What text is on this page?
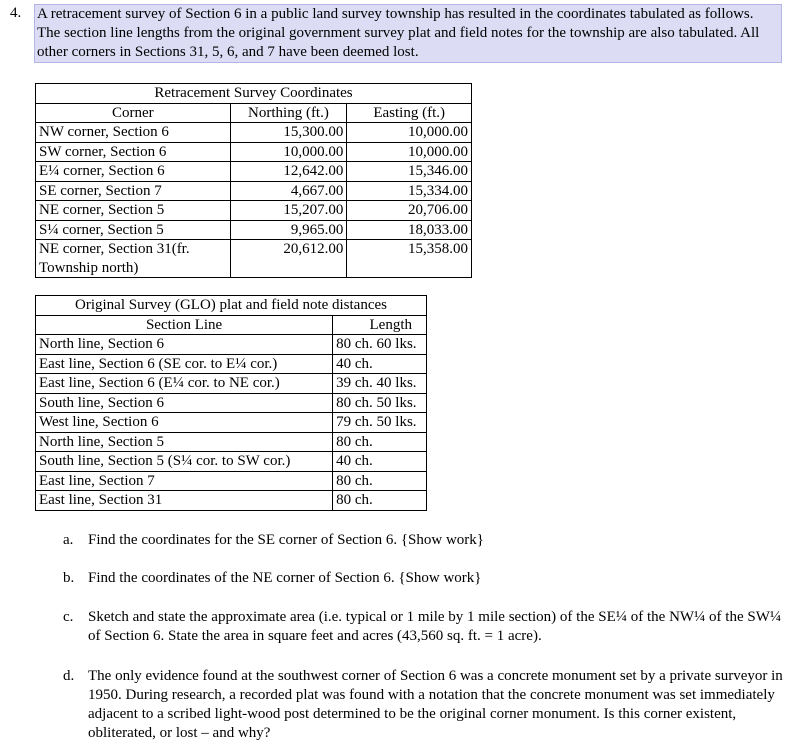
4. A retracement survey of Section 6 in a public land survey township has resulted in the coordinates tabulated as follows. The section line lengths from the original government survey plat and field notes for the township are also tabulated. All other corners in Sections 31, 5, 6, and 7 have been deemed lost.
Retracement Survey Coordinates		
Corner	Northing (ft.)	Easting (ft.)
NW corner, Section 6	15,300.00	10,000.00
SW corner, Section 6	10,000.00	10,000.00
E¼ corner, Section 6	12,642.00	15,346.00
SE corner, Section 7	4,667.00	15,334.00
NE corner, Section 5	15,207.00	20,706.00
S¼ corner, Section 5	9,965.00	18,033.00
NE corner, Section 31(fr. Township north)	20,612.00	15,358.00
Original Survey (GLO) plat and field note distances	
Section Line	Length
North line, Section 6	80 ch. 60 lks.
East line, Section 6 (SE cor. to E¼ cor.)	40 ch.
East line, Section 6 (E¼ cor. to NE cor.)	39 ch. 40 lks.
South line, Section 6	80 ch. 50 lks.
West line, Section 6	79 ch. 50 lks.
North line, Section 5	80 ch.
South line, Section 5 (S¼ cor. to SW cor.)	40 ch.
East line, Section 7	80 ch.
East line, Section 31	80 ch.
a. Find the coordinates for the SE corner of Section 6. {Show work}
b. Find the coordinates of the NE corner of Section 6. {Show work}
c. Sketch and state the approximate area (i.e. typical or 1 mile by 1 mile section) of the SE¼ of the NW¼ of the SW¼ of Section 6. State the area in square feet and acres (43,560 sq. ft. = 1 acre).
d. The only evidence found at the southwest corner of Section 6 was a concrete monument set by a private surveyor in 1950. During research, a recorded plat was found with a notation that the concrete monument was set immediately adjacent to a scribed light-wood post determined to be the original corner monument. Is this corner existent, obliterated, or lost – and why?
